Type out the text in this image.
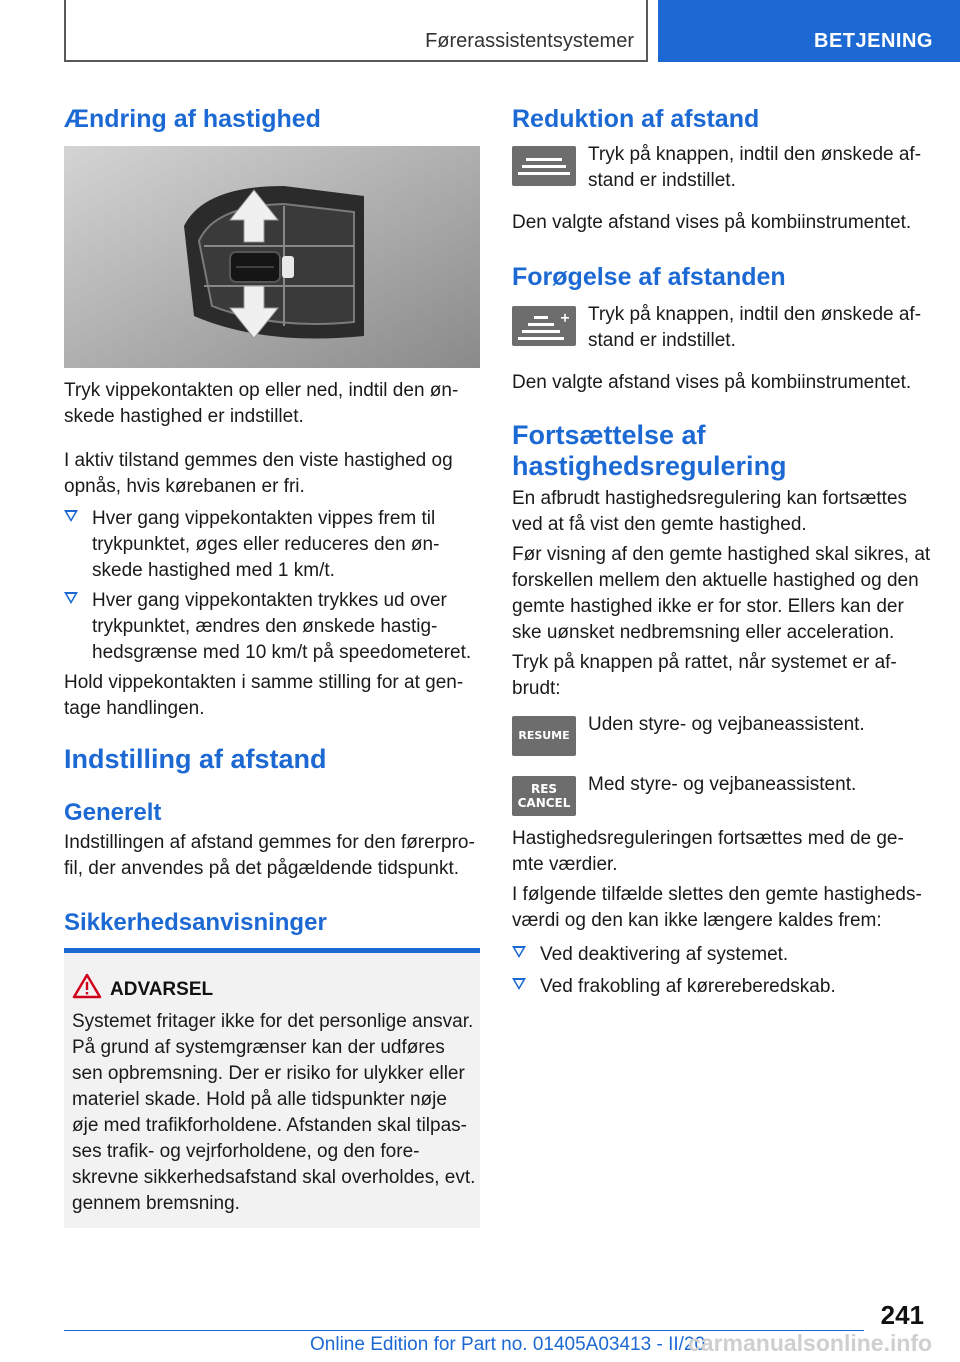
Førerassistentsystemer	BETJENING
Ændring af hastighed

Tryk vippekontakten op eller ned, indtil den øn-skede hastighed er indstillet.

I aktiv tilstand gemmes den viste hastighed og opnås, hvis kørebanen er fri.

Hver gang vippekontakten vippes frem til trykpunktet, øges eller reduceres den øn-skede hastighed med 1 km/t.

Hver gang vippekontakten trykkes ud over trykpunktet, ændres den ønskede hastig-hedsgrænse med 10 km/t på speedometeret.

Hold vippekontakten i samme stilling for at gen-tage handlingen.

Indstilling af afstand
Generelt

Indstillingen af afstand gemmes for den førerpro-fil, der anvendes på det pågældende tidspunkt.

Sikkerhedsanvisninger
ADVARSEL

Systemet fritager ikke for det personlige ansvar. På grund af systemgrænser kan der udføres sen opbremsning. Der er risiko for ulykker eller materiel skade. Hold på alle tidspunkter nøje øje med trafikforholdene. Afstanden skal tilpas-ses trafik- og vejrforholdene, og den fore-skrevne sikkerhedsafstand skal overholdes, evt. gennem bremsning.

Reduktion af afstand

Tryk på knappen, indtil den ønskede af-stand er indstillet.

Den valgte afstand vises på kombiinstrumentet.

Forøgelse af afstanden

Tryk på knappen, indtil den ønskede af-stand er indstillet.

Den valgte afstand vises på kombiinstrumentet.

Fortsættelse af hastighedsregulering

En afbrudt hastighedsregulering kan fortsættes ved at få vist den gemte hastighed.

Før visning af den gemte hastighed skal sikres, at forskellen mellem den aktuelle hastighed og den gemte hastighed ikke er for stor. Ellers kan der ske uønsket nedbremsning eller acceleration.

Tryk på knappen på rattet, når systemet er af-brudt:

RESUME

Uden styre- og vejbaneassistent.

RES
CANCEL

Med styre- og vejbaneassistent.

Hastighedsreguleringen fortsættes med de ge-mte værdier.

I følgende tilfælde slettes den gemte hastigheds-værdi og den kan ikke længere kaldes frem:

Ved deaktivering af systemet.

Ved frakobling af kørereberedskab.

241
Online Edition for Part no. 01405A03413 - II/20
carmanualsonline.info
